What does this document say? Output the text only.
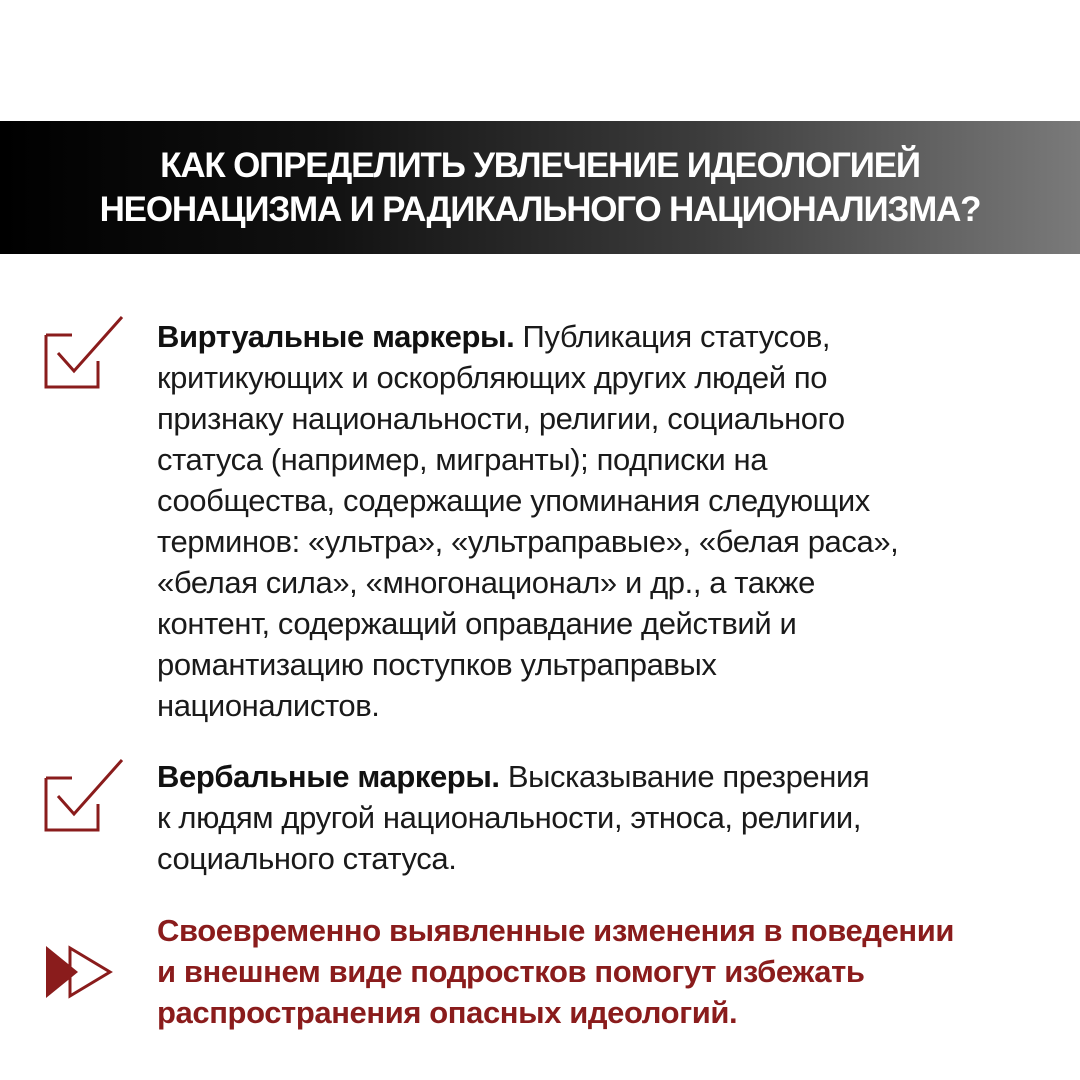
КАК ОПРЕДЕЛИТЬ УВЛЕЧЕНИЕ ИДЕОЛОГИЕЙ
НЕОНАЦИЗМА И РАДИКАЛЬНОГО НАЦИОНАЛИЗМА?
Виртуальные маркеры. Публикация статусов,
критикующих и оскорбляющих других людей по
признаку национальности, религии, социального
статуса (например, мигранты); подписки на
сообщества, содержащие упоминания следующих
терминов: «ультра», «ультраправые», «белая раса»,
«белая сила», «многонационал» и др., а также
контент, содержащий оправдание действий и
романтизацию поступков ультраправых
националистов.
Вербальные маркеры. Высказывание презрения
к людям другой национальности, этноса, религии,
социального статуса.
Своевременно выявленные изменения в поведении
и внешнем виде подростков помогут избежать
распространения опасных идеологий.
